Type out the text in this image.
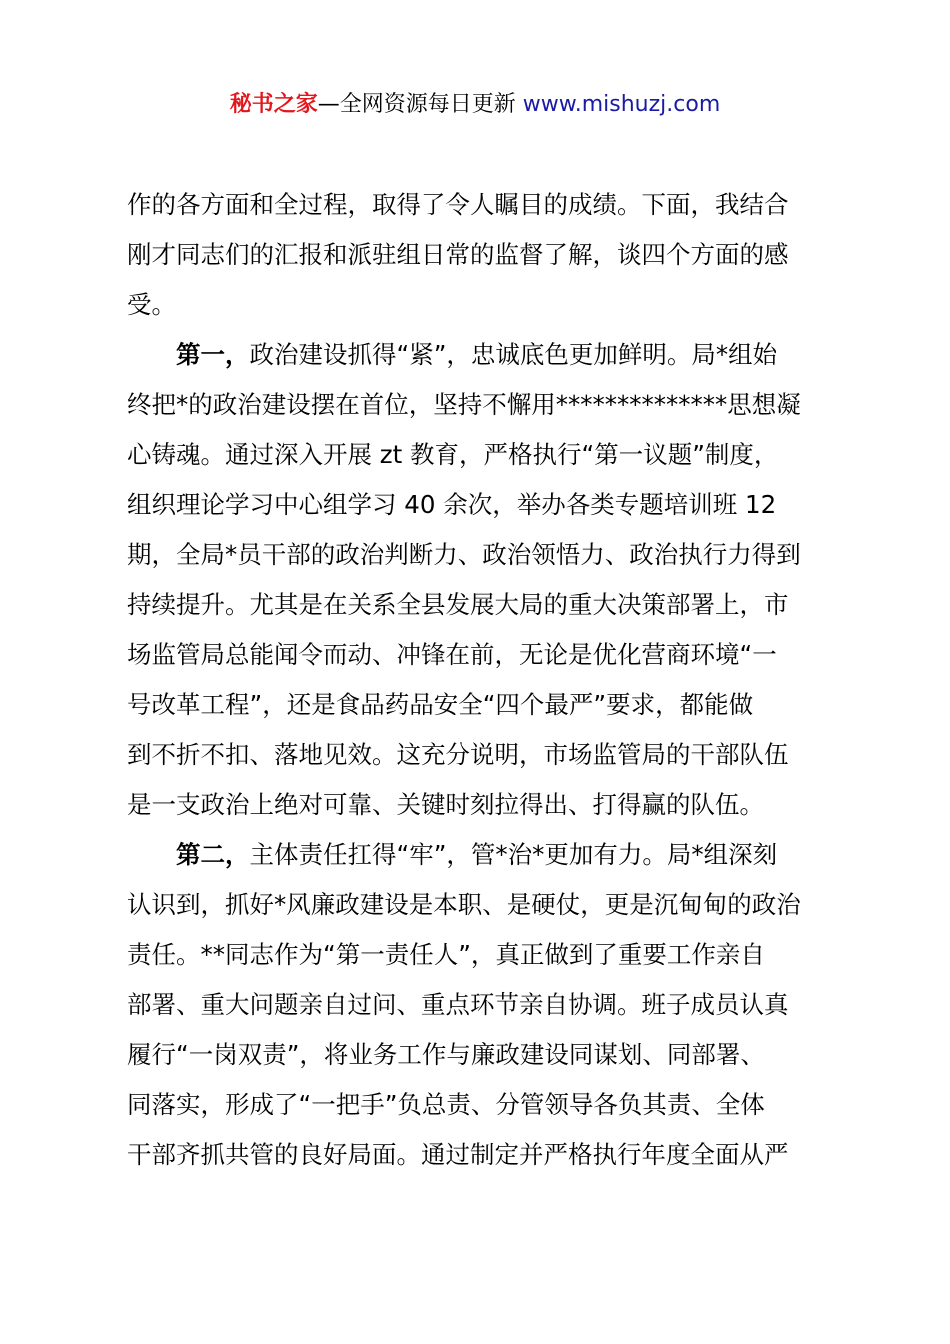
秘书之家—全网资源每日更新 www.mishuzj.com
作的各方面和全过程，取得了令人瞩目的成绩。下面，我结合
刚才同志们的汇报和派驻组日常的监督了解，谈四个方面的感
受。
第一，政治建设抓得“紧”，忠诚底色更加鲜明。局*组始
终把*的政治建设摆在首位，坚持不懈用**************思想凝
心铸魂。通过深入开展 zt 教育，严格执行“第一议题”制度，
组织理论学习中心组学习 40 余次，举办各类专题培训班 12
期，全局*员干部的政治判断力、政治领悟力、政治执行力得到
持续提升。尤其是在关系全县发展大局的重大决策部署上，市
场监管局总能闻令而动、冲锋在前，无论是优化营商环境“一
号改革工程”，还是食品药品安全“四个最严”要求，都能做
到不折不扣、落地见效。这充分说明，市场监管局的干部队伍
是一支政治上绝对可靠、关键时刻拉得出、打得赢的队伍。
第二，主体责任扛得“牢”，管*治*更加有力。局*组深刻
认识到，抓好*风廉政建设是本职、是硬仗，更是沉甸甸的政治
责任。**同志作为“第一责任人”，真正做到了重要工作亲自
部署、重大问题亲自过问、重点环节亲自协调。班子成员认真
履行“一岗双责”，将业务工作与廉政建设同谋划、同部署、
同落实，形成了“一把手”负总责、分管领导各负其责、全体
干部齐抓共管的良好局面。通过制定并严格执行年度全面从严
